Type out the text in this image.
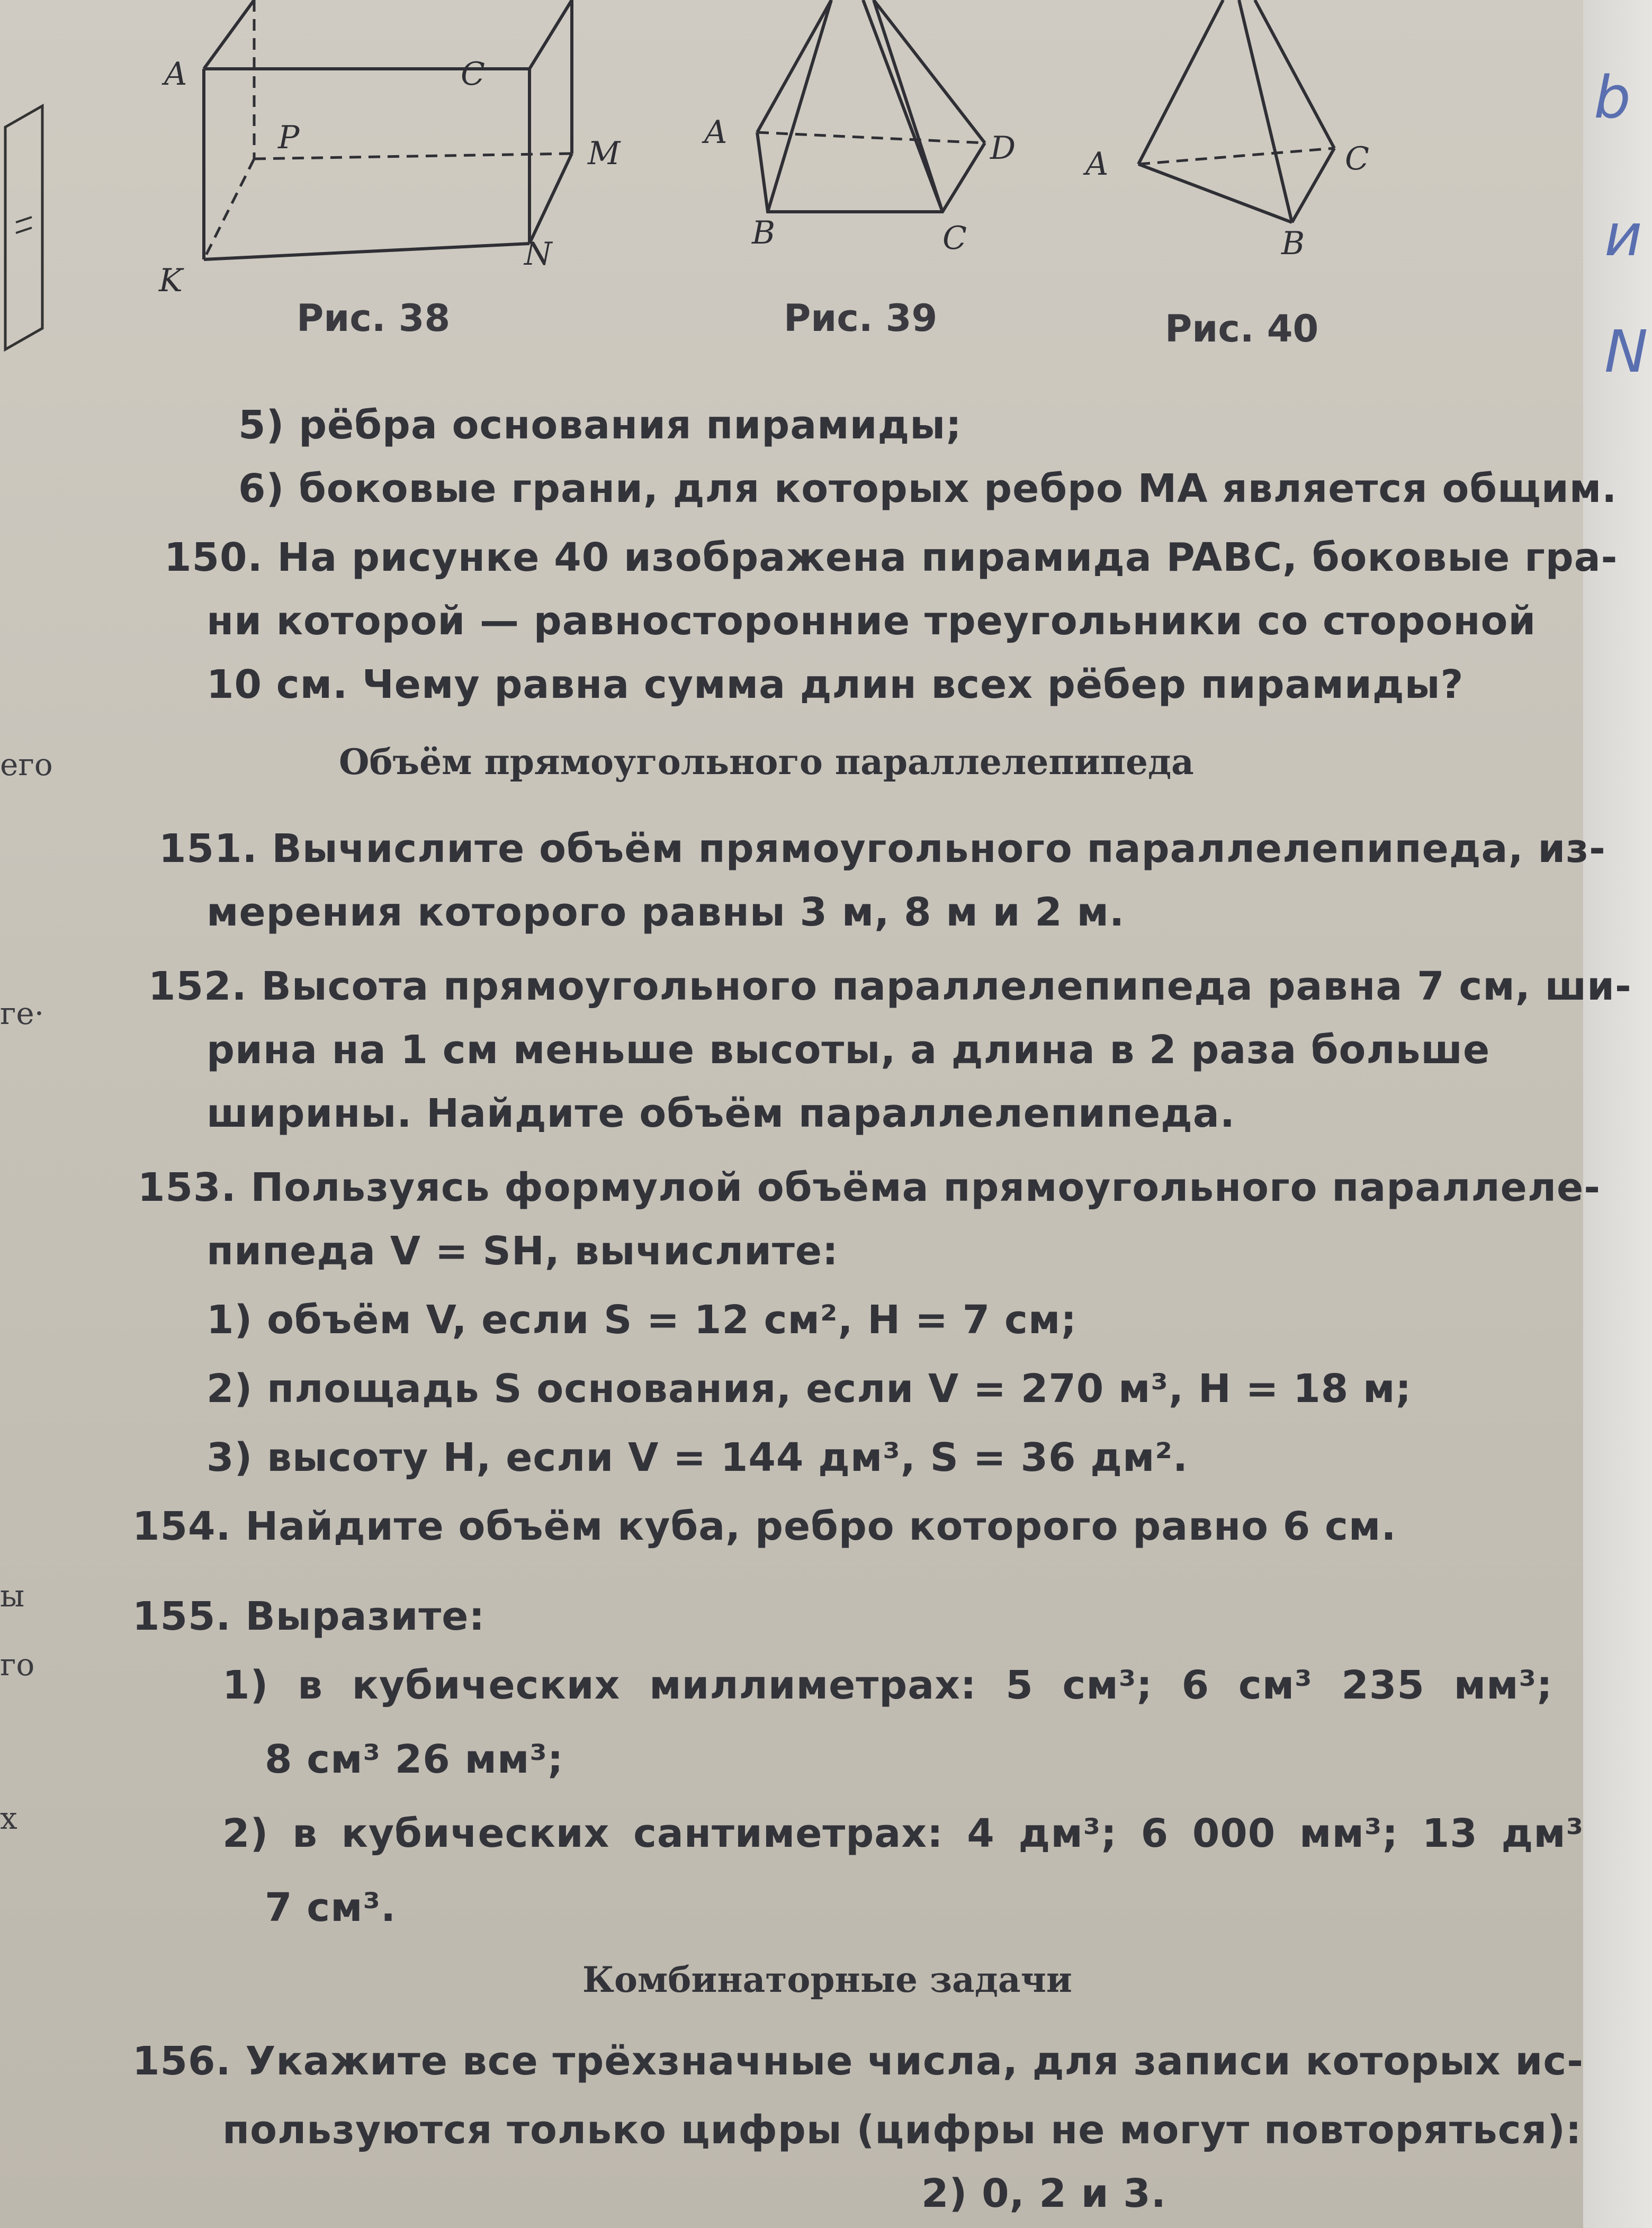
b
и
N
его
ге·
ы
го
х
A	C
P	M
K
N
Рис. 38
A	D
B	C
Рис. 39
A	C
B
Рис. 40
5) рёбра основания пирамиды;
6) боковые грани, для которых ребро МА является общим.
150. На рисунке 40 изображена пирамида PABC, боковые гра-
ни которой — равносторонние треугольники со стороной
10 см. Чему равна сумма длин всех рёбер пирамиды?
Объём прямоугольного параллелепипеда
151. Вычислите объём прямоугольного параллелепипеда, из-
мерения которого равны 3 м, 8 м и 2 м.
152. Высота прямоугольного параллелепипеда равна 7 см, ши-
рина на 1 см меньше высоты, а длина в 2 раза больше
ширины. Найдите объём параллелепипеда.
153. Пользуясь формулой объёма прямоугольного параллеле-
пипеда V = SH, вычислите:
1) объём V, если S = 12 см², H = 7 см;
2) площадь S основания, если V = 270 м³, H = 18 м;
3) высоту H, если V = 144 дм³, S = 36 дм².
154. Найдите объём куба, ребро которого равно 6 см.
155. Выразите:
1) в кубических миллиметрах: 5 см³; 6 см³ 235 мм³;
8 см³ 26 мм³;
2) в кубических сантиметрах: 4 дм³; 6 000 мм³; 13 дм³
7 см³.
Комбинаторные задачи
156. Укажите все трёхзначные числа, для записи которых ис-
пользуются только цифры (цифры не могут повторяться):
2) 0, 2 и 3.
